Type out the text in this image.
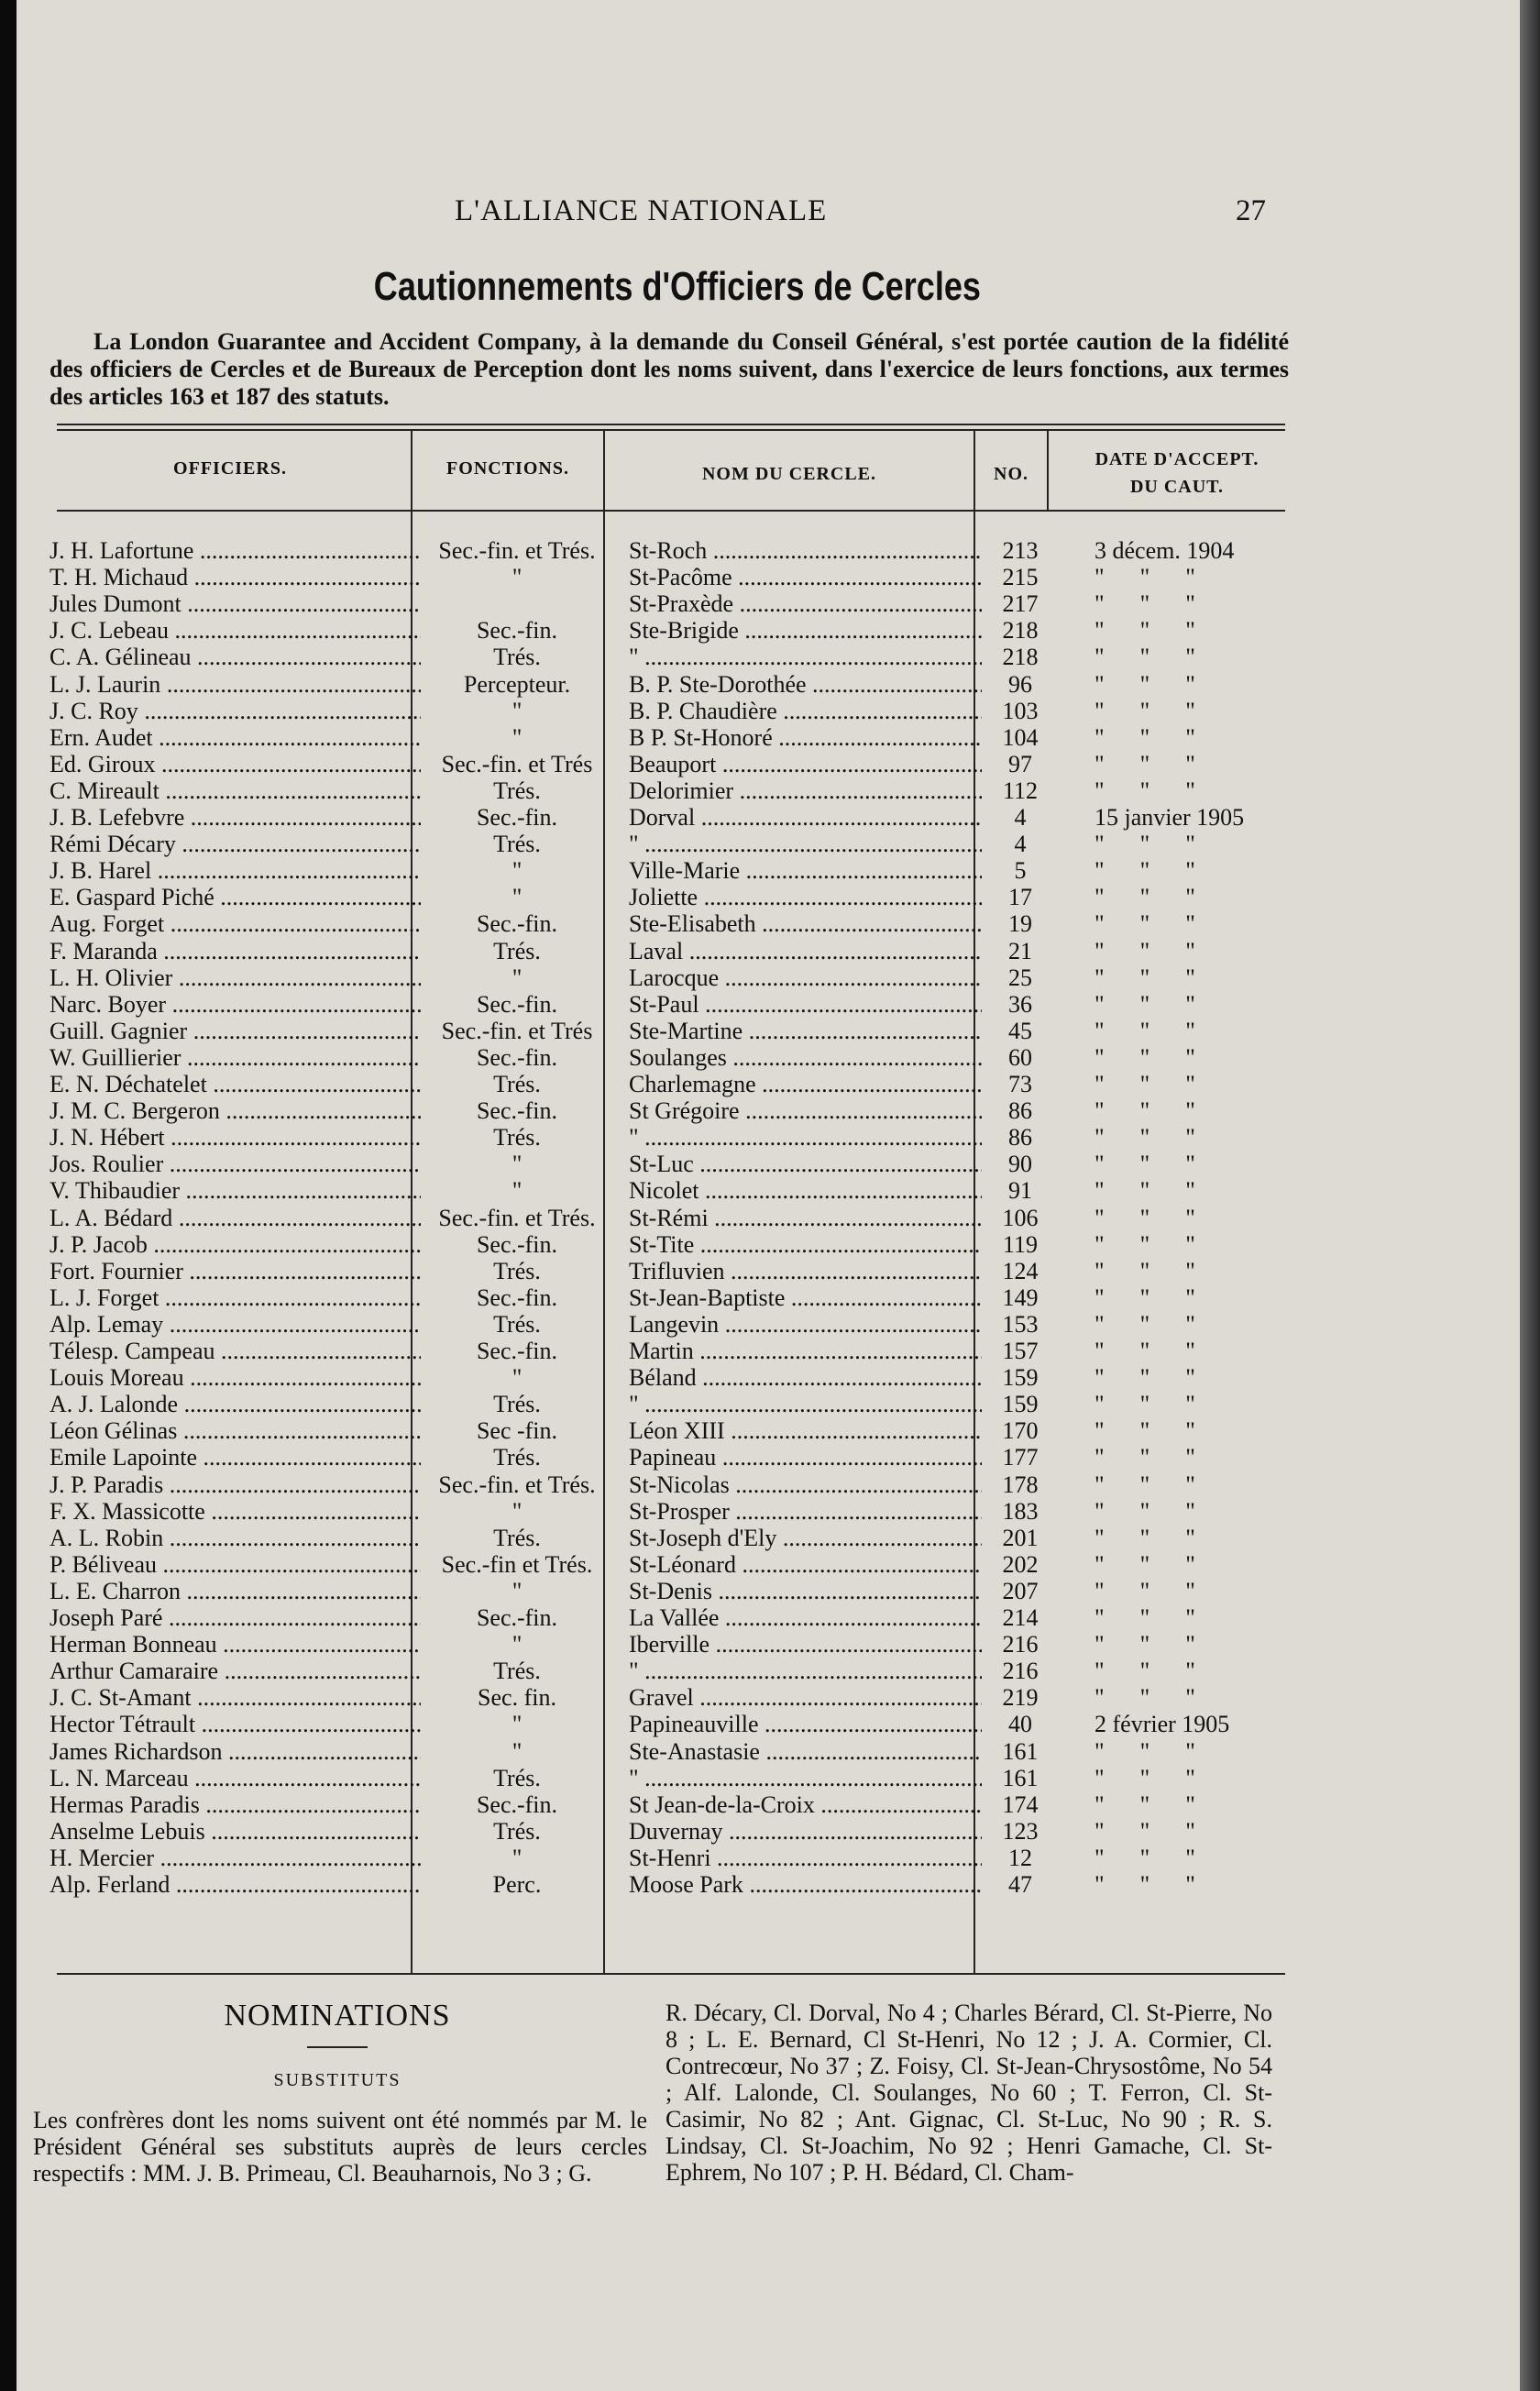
L'ALLIANCE NATIONALE	27
Cautionnements d'Officiers de Cercles
La London Guarantee and Accident Company, à la demande du Conseil Général, s'est portée caution de la fidélité des officiers de Cercles et de Bureaux de Perception dont les noms suivent, dans l'exercice de leurs fonctions, aux termes des articles 163 et 187 des statuts.
OFFICIERS.	FONCTIONS.	NOM DU CERCLE.	NO.
DATE D'ACCEPT.
DU CAUT.
J. H. Lafortune .....	Sec.-fin. et Trés.	St-Roch .....	213	3 décem. 1904
T. H. Michaud .....	"	St-Pacôme .....	215	"      "      "
Jules Dumont .....	St-Praxède .....	217	"      "      "
J. C. Lebeau .....	Sec.-fin.	Ste-Brigide .....	218	"      "      "
C. A. Gélineau .....	Trés.	" .....	218	"      "      "
L. J. Laurin .....	Percepteur.	B. P. Ste-Dorothée .....	96	"      "      "
J. C. Roy .....	"	B. P. Chaudière .....	103	"      "      "
Ern. Audet .....	"	B P. St-Honoré .....	104	"      "      "
Ed. Giroux .....	Sec.-fin. et Trés	Beauport .....	97	"      "      "
C. Mireault .....	Trés.	Delorimier .....	112	"      "      "
J. B. Lefebvre .....	Sec.-fin.	Dorval .....	4	15 janvier 1905
Rémi Décary .....	Trés.	" .....	4	"      "      "
J. B. Harel .....	"	Ville-Marie .....	5	"      "      "
E. Gaspard Piché .....	"	Joliette .....	17	"      "      "
Aug. Forget .....	Sec.-fin.	Ste-Elisabeth .....	19	"      "      "
F. Maranda .....	Trés.	Laval .....	21	"      "      "
L. H. Olivier .....	"	Larocque .....	25	"      "      "
Narc. Boyer .....	Sec.-fin.	St-Paul .....	36	"      "      "
Guill. Gagnier .....	Sec.-fin. et Trés	Ste-Martine .....	45	"      "      "
W. Guillierier .....	Sec.-fin.	Soulanges .....	60	"      "      "
E. N. Déchatelet .....	Trés.	Charlemagne .....	73	"      "      "
J. M. C. Bergeron .....	Sec.-fin.	St Grégoire .....	86	"      "      "
J. N. Hébert .....	Trés.	" .....	86	"      "      "
Jos. Roulier .....	"	St-Luc .....	90	"      "      "
V. Thibaudier .....	"	Nicolet .....	91	"      "      "
L. A. Bédard .....	Sec.-fin. et Trés.	St-Rémi .....	106	"      "      "
J. P. Jacob .....	Sec.-fin.	St-Tite .....	119	"      "      "
Fort. Fournier .....	Trés.	Trifluvien .....	124	"      "      "
L. J. Forget .....	Sec.-fin.	St-Jean-Baptiste .....	149	"      "      "
Alp. Lemay .....	Trés.	Langevin .....	153	"      "      "
Télesp. Campeau .....	Sec.-fin.	Martin .....	157	"      "      "
Louis Moreau .....	"	Béland .....	159	"      "      "
A. J. Lalonde .....	Trés.	" .....	159	"      "      "
Léon Gélinas .....	Sec -fin.	Léon XIII .....	170	"      "      "
Emile Lapointe .....	Trés.	Papineau .....	177	"      "      "
J. P. Paradis .....	Sec.-fin. et Trés.	St-Nicolas .....	178	"      "      "
F. X. Massicotte .....	"	St-Prosper .....	183	"      "      "
A. L. Robin .....	Trés.	St-Joseph d'Ely .....	201	"      "      "
P. Béliveau .....	Sec.-fin et Trés.	St-Léonard .....	202	"      "      "
L. E. Charron .....	"	St-Denis .....	207	"      "      "
Joseph Paré .....	Sec.-fin.	La Vallée .....	214	"      "      "
Herman Bonneau .....	"	Iberville .....	216	"      "      "
Arthur Camaraire .....	Trés.	" .....	216	"      "      "
J. C. St-Amant .....	Sec. fin.	Gravel .....	219	"      "      "
Hector Tétrault .....	"	Papineauville .....	40	2 février 1905
James Richardson .....	"	Ste-Anastasie .....	161	"      "      "
L. N. Marceau .....	Trés.	" .....	161	"      "      "
Hermas Paradis .....	Sec.-fin.	St Jean-de-la-Croix .....	174	"      "      "
Anselme Lebuis .....	Trés.	Duvernay .....	123	"      "      "
H. Mercier .....	"	St-Henri .....	12	"      "      "
Alp. Ferland .....	Perc.	Moose Park .....	47	"      "      "
NOMINATIONS
SUBSTITUTS
Les confrères dont les noms suivent ont été nommés par M. le Président Général ses substituts auprès de leurs cercles respectifs : MM. J. B. Primeau, Cl. Beauharnois, No 3 ; G.
R. Décary, Cl. Dorval, No 4 ; Charles Bérard, Cl. St-Pierre, No 8 ; L. E. Bernard, Cl St-Henri, No 12 ; J. A. Cormier, Cl. Contrecœur, No 37 ; Z. Foisy, Cl. St-Jean-Chrysostôme, No 54 ; Alf. Lalonde, Cl. Soulanges, No 60 ; T. Ferron, Cl. St-Casimir, No 82 ; Ant. Gignac, Cl. St-Luc, No 90 ; R. S. Lindsay, Cl. St-Joachim, No 92 ; Henri Gamache, Cl. St-Ephrem, No 107 ; P. H. Bédard, Cl. Cham-
